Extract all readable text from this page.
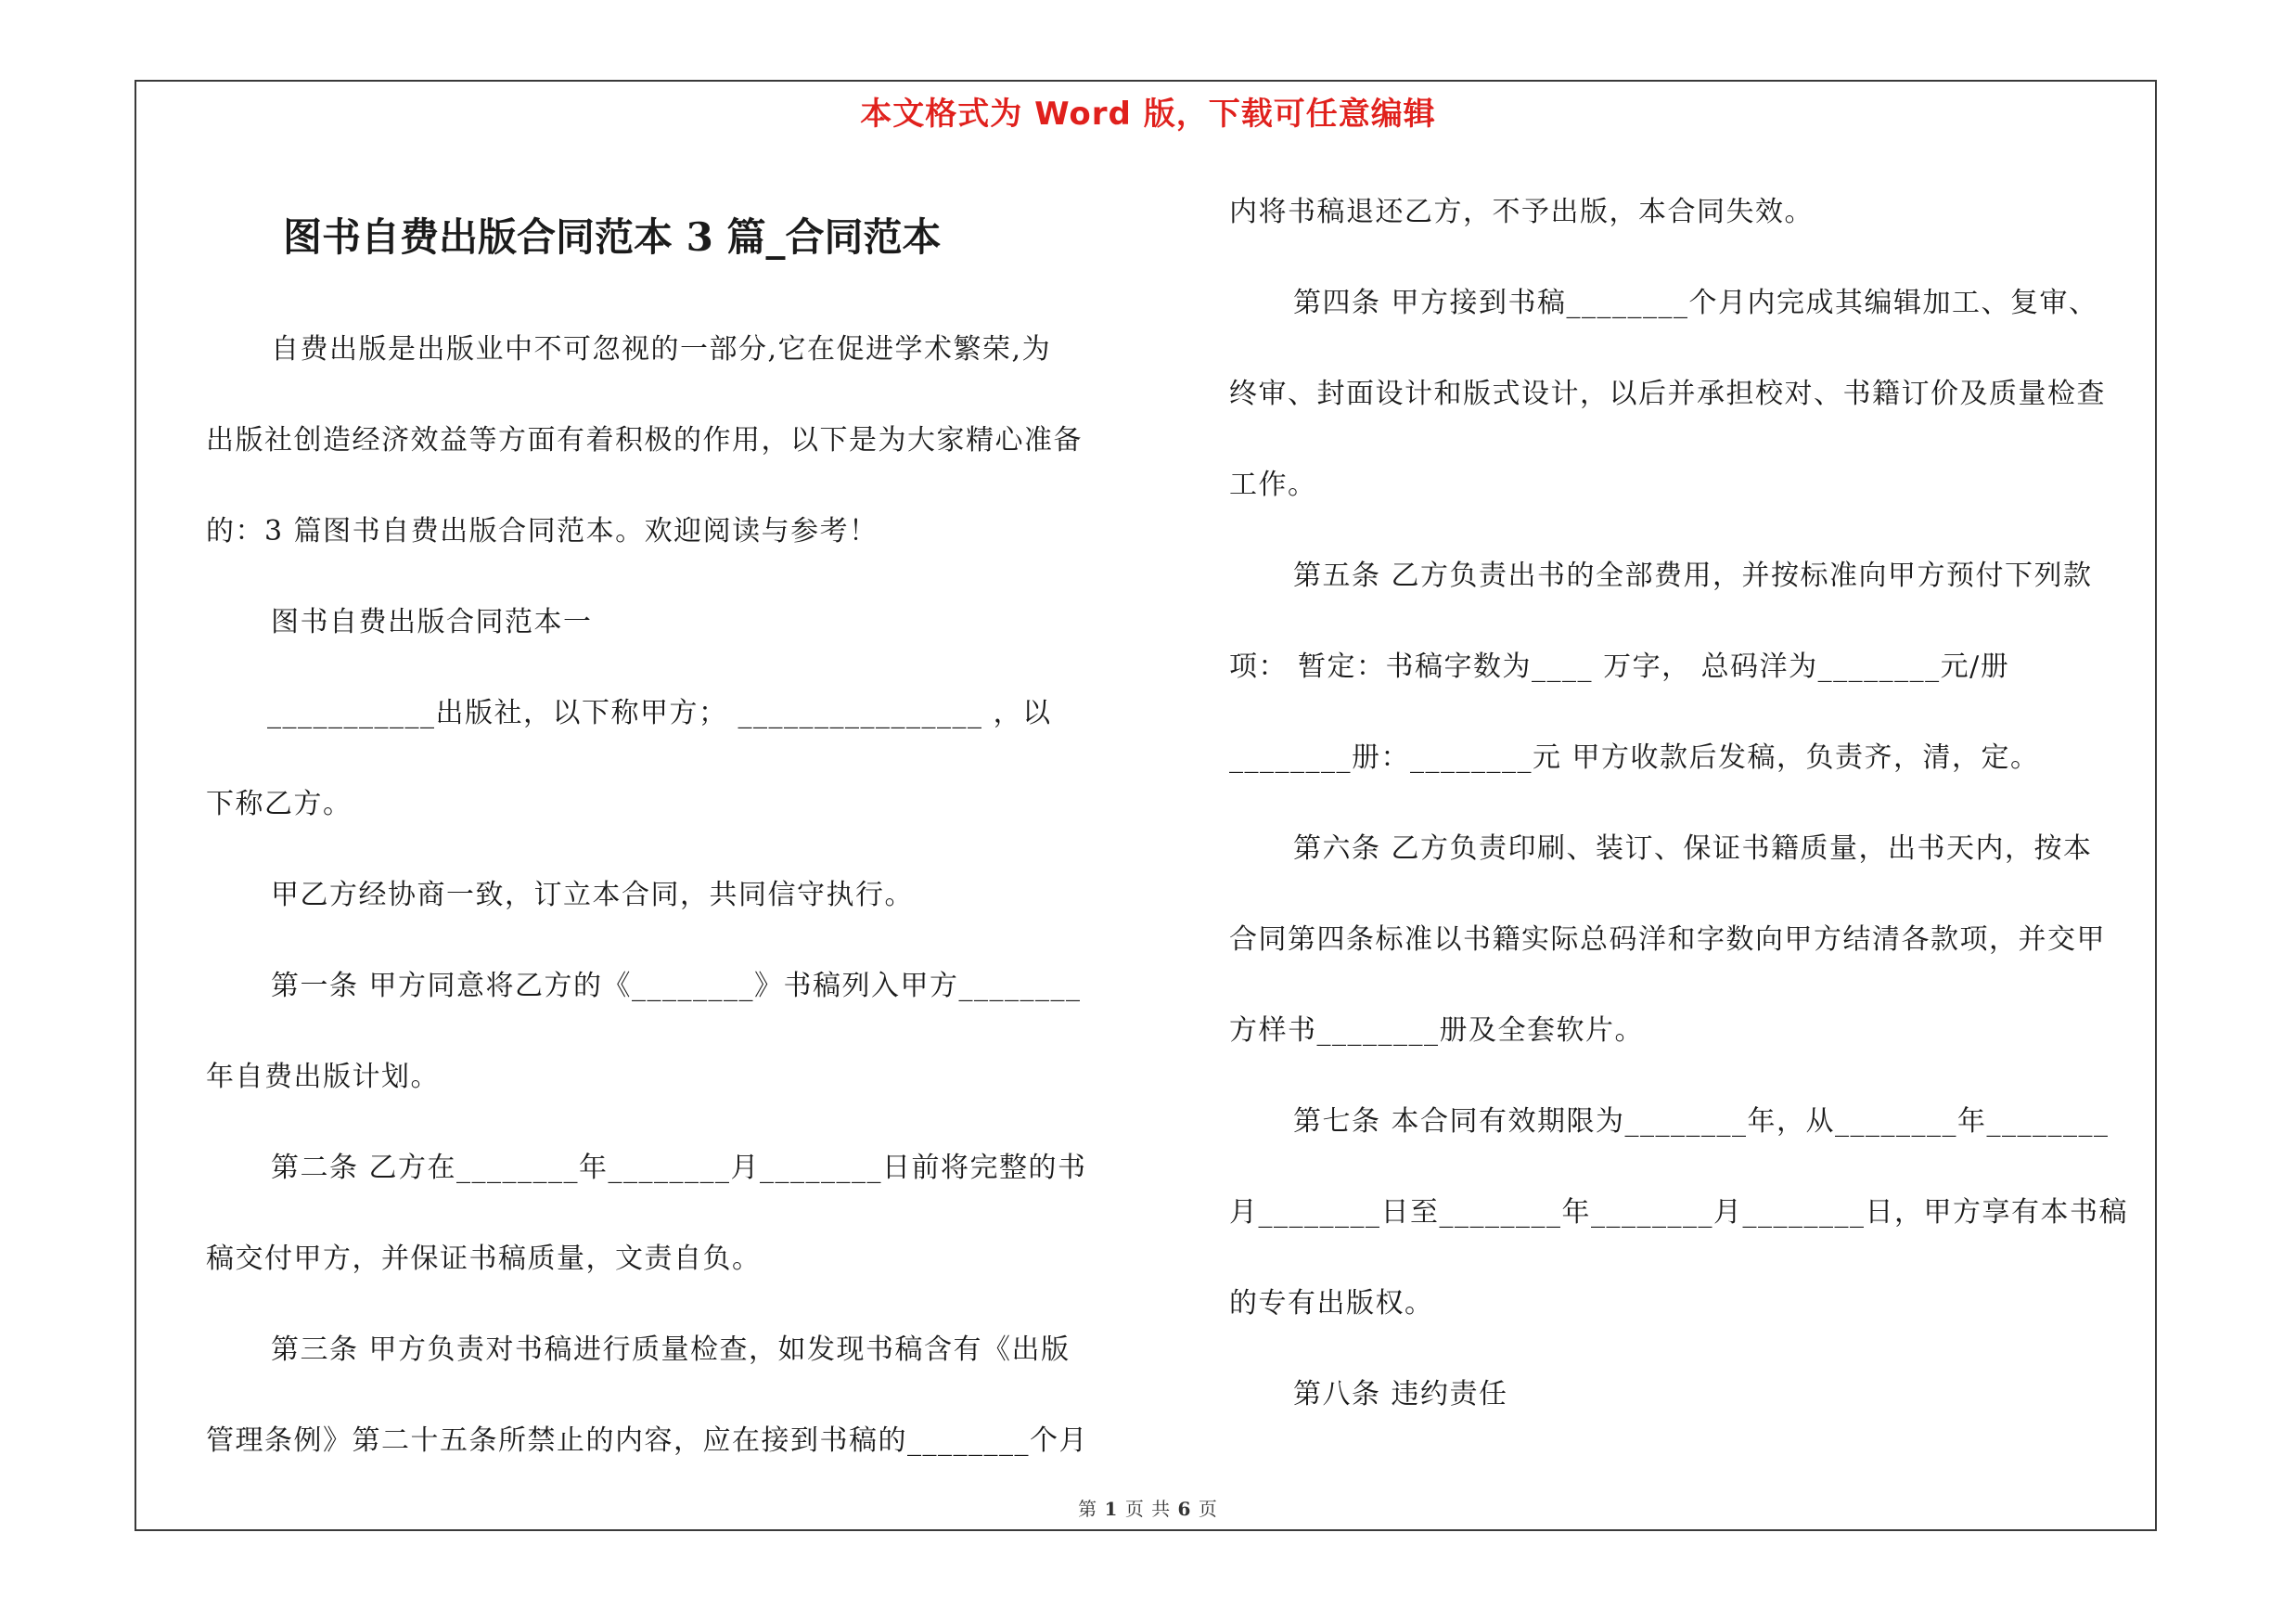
本文格式为 Word 版，下载可任意编辑
图书自费出版合同范本 3 篇_合同范本
自费出版是出版业中不可忽视的一部分,它在促进学术繁荣,为
出版社创造经济效益等方面有着积极的作用，以下是为大家精心准备
的：3 篇图书自费出版合同范本。欢迎阅读与参考！
图书自费出版合同范本一
___________出版社，以下称甲方； ________________ ，以
下称乙方。
甲乙方经协商一致，订立本合同，共同信守执行。
第一条 甲方同意将乙方的《________》书稿列入甲方________
年自费出版计划。
第二条 乙方在________年________月________日前将完整的书
稿交付甲方，并保证书稿质量，文责自负。
第三条 甲方负责对书稿进行质量检查，如发现书稿含有《出版
管理条例》第二十五条所禁止的内容，应在接到书稿的________个月
内将书稿退还乙方，不予出版，本合同失效。
第四条 甲方接到书稿________个月内完成其编辑加工、复审、
终审、封面设计和版式设计，以后并承担校对、书籍订价及质量检查
工作。
第五条 乙方负责出书的全部费用，并按标准向甲方预付下列款
项： 暂定：书稿字数为____ 万字， 总码洋为________元/册
________册：________元 甲方收款后发稿，负责齐，清，定。
第六条 乙方负责印刷、装订、保证书籍质量，出书天内，按本
合同第四条标准以书籍实际总码洋和字数向甲方结清各款项，并交甲
方样书________册及全套软片。
第七条 本合同有效期限为________年，从________年________
月________日至________年________月________日，甲方享有本书稿
的专有出版权。
第八条 违约责任
第 1 页 共 6 页
